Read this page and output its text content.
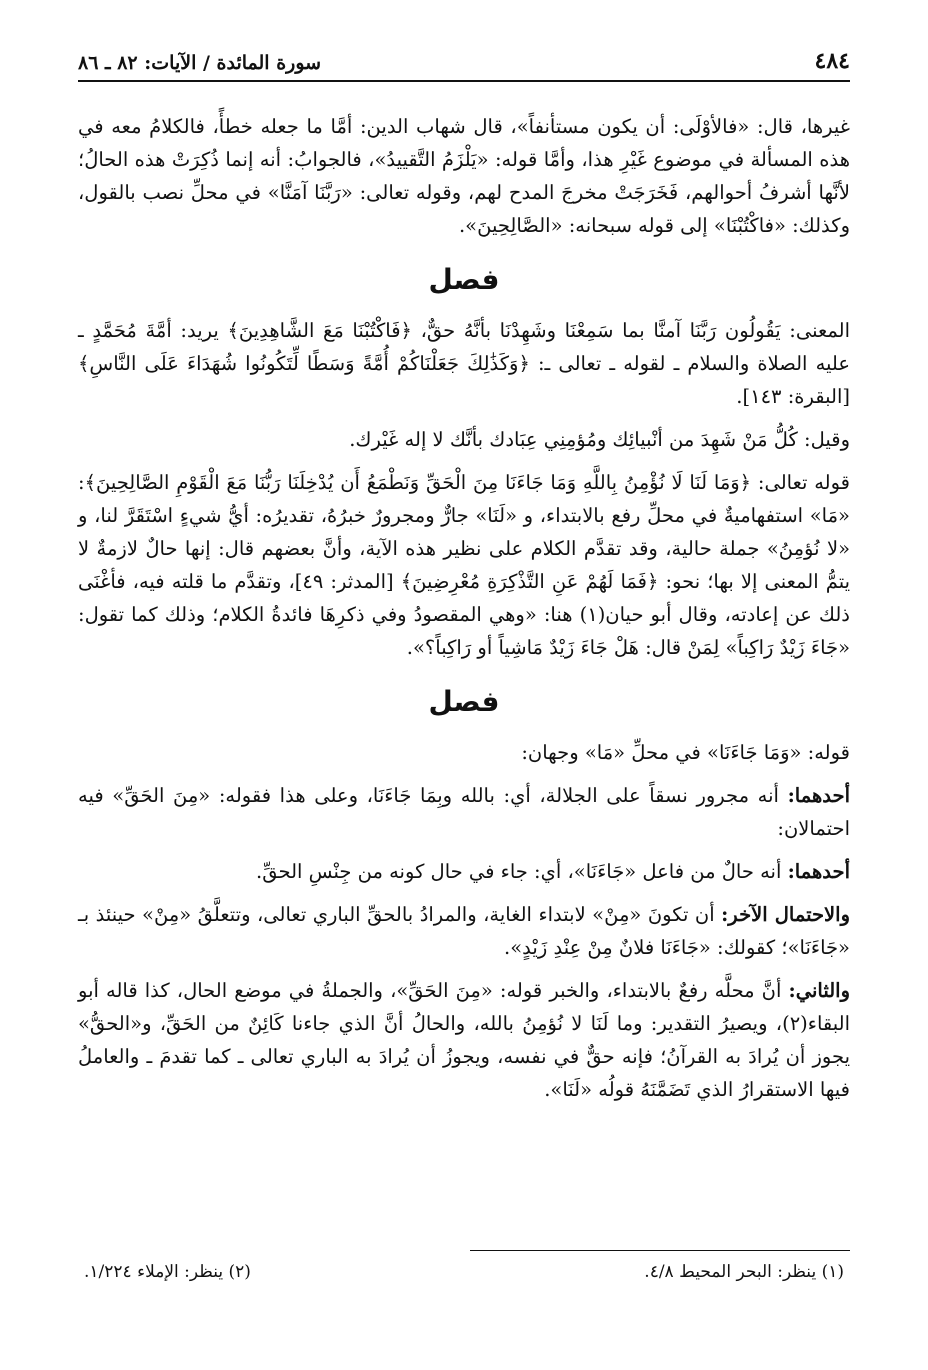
٤٨٤
سورة المائدة / الآيات: ٨٢ ـ ٨٦

غيرها، قال: «فالأوْلَى: أن يكون مستأنفاً»، قال شهاب الدين: أمَّا ما جعله خطأً، فالكلامُ معه في هذه المسألة في موضوع غَيْرِ هذا، وأمَّا قوله: «يَلْزَمُ التَّقييدُ»، فالجوابُ: أنه إنما ذُكِرَتْ هذه الحالُ؛ لأنَّها أشرفُ أحوالهم، فَخَرَجَتْ مخرجَ المدح لهم، وقوله تعالى: «رَبَّنَا آمَنَّا» في محلِّ نصب بالقول، وكذلك: «فاكْتُبْنَا» إلى قوله سبحانه: «الصَّالِحِينَ».

فصل

المعنى: يَقُولُون رَبَّنَا آمنَّا بما سَمِعْنَا وشَهِدْنَا بأنَّهُ حقٌّ، ﴿فَاكْتُبْنَا مَعَ الشَّاهِدِينَ﴾ يريد: أمَّةَ مُحَمَّدٍ ـ عليه الصلاة والسلام ـ لقوله ـ تعالى ـ: ﴿وَكَذَٰلِكَ جَعَلْنَاكُمْ أُمَّةً وَسَطًا لِّتَكُونُوا شُهَدَاءَ عَلَى النَّاسِ﴾ [البقرة: ١٤٣].

وقيل: كُلُّ مَنْ شَهِدَ من أنْبيائِك ومُؤمِنِي عِبَادك بأنَّك لا إله غَيْرك.

قوله تعالى: ﴿وَمَا لَنَا لَا نُؤْمِنُ بِاللَّهِ وَمَا جَاءَنَا مِنَ الْحَقِّ وَنَطْمَعُ أَن يُدْخِلَنَا رَبُّنَا مَعَ الْقَوْمِ الصَّالِحِينَ﴾: «مَا» استفهاميةٌ في محلِّ رفع بالابتداء، و «لَنَا» جارٌّ ومجرورٌ خبرُهُ، تقديرُه: أيُّ شيءٍ اسْتَقَرَّ لنا، و «لا نُؤمِنُ» جملة حالية، وقد تقدَّم الكلام على نظير هذه الآية، وأنَّ بعضهم قال: إنها حالٌ لازمةٌ لا يتمُّ المعنى إلا بها؛ نحو: ﴿فَمَا لَهُمْ عَنِ التَّذْكِرَةِ مُعْرِضِينَ﴾ [المدثر: ٤٩]، وتقدَّم ما قلته فيه، فأغْنَى ذلك عن إعادته، وقال أبو حيان(١) هنا: «وهي المقصودُ وفي ذكرِهَا فائدةُ الكلام؛ وذلك كما تقول: «جَاءَ زَيْدٌ رَاكِباً» لِمَنْ قال: هَلْ جَاءَ زَيْدٌ مَاشِياً أو رَاكِباً؟».

فصل

قوله: «وَمَا جَاءَنَا» في محلِّ «مَا» وجهان:

أحدهما: أنه مجرور نسقاً على الجلالة، أي: بالله وبِمَا جَاءَنَا، وعلى هذا فقوله: «مِنَ الحَقِّ» فيه احتمالان:

أحدهما: أنه حالٌ من فاعل «جَاءَنَا»، أي: جاء في حال كونه من جِنْسِ الحقِّ.

والاحتمال الآخر: أن تكونَ «مِنْ» لابتداء الغاية، والمرادُ بالحقِّ الباري تعالى، وتتعلَّقُ «مِنْ» حينئذ بـ «جَاءَنَا»؛ كقولك: «جَاءَنَا فلانٌ مِنْ عِنْدِ زَيْدٍ».

والثاني: أنَّ محلَّه رفعٌ بالابتداء، والخبر قوله: «مِنَ الحَقِّ»، والجملةُ في موضع الحال، كذا قاله أبو البقاء(٢)، ويصيرُ التقدير: وما لَنَا لا نُؤمِنُ بالله، والحالُ أنَّ الذي جاءنا كَائِنٌ من الحَقِّ، و«الحقُّ» يجوز أن يُرادَ به القرآنُ؛ فإنه حقٌّ في نفسه، ويجوزُ أن يُرادَ به الباري تعالى ـ كما تقدمَ ـ والعاملُ فيها الاستقرارُ الذي تَضَمَّنَهُ قولُه «لَنَا».

(١) ينظر: البحر المحيط ٤/٨.
(٢) ينظر: الإملاء ١/٢٢٤.
